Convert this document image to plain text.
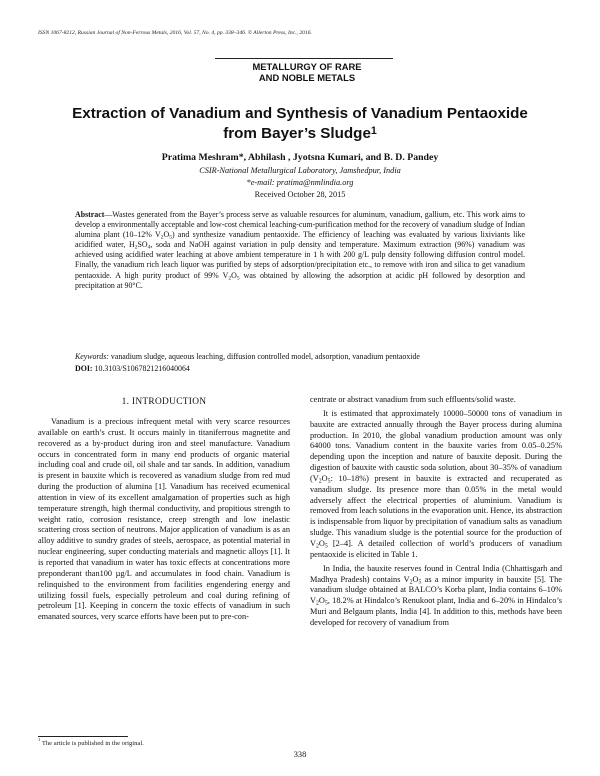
ISSN 1067-8212, Russian Journal of Non-Ferrous Metals, 2016, Vol. 57, No. 4, pp. 338–346. © Allerton Press, Inc., 2016.
METALLURGY OF RARE
AND NOBLE METALS
Extraction of Vanadium and Synthesis of Vanadium Pentaoxide
from Bayer’s Sludge$^1$
Pratima Meshram*, Abhilash , Jyotsna Kumari, and B. D. Pandey
CSIR-National Metallurgical Laboratory, Jamshedpur, India
*e-mail: pratima@nmlindia.org
Received October 28, 2015

Abstract—Wastes generated from the Bayer’s process serve as valuable resources for aluminum, vanadium, gallium, etc. This work aims to develop a environmentally acceptable and low-cost chemical leaching-cum-purification method for the recovery of vanadium sludge of Indian alumina plant (10–12% $V_2O_5$) and synthesize vanadium pentaoxide. The efficiency of leaching was evaluated by various lixiviants like acidified water, $H_2SO_4$, soda and NaOH against variation in pulp density and temperature. Maximum extraction (96%) vanadium was achieved using acidified water leaching at above ambient temperature in 1 h with 200 g/L pulp density following diffusion control model. Finally, the vanadium rich leach liquor was purified by steps of adsorption/precipitation etc., to remove with iron and silica to get vanadium pentaoxide. A high purity product of 99% $V_2O_5$ was obtained by allowing the adsorption at acidic pH followed by desorption and precipitation at 90°C.

Keywords: vanadium sludge, aqueous leaching, diffusion controlled model, adsorption, vanadium pentaoxide
DOI: 10.3103/S1067821216040064
1. INTRODUCTION

Vanadium is a precious infrequent metal with very scarce resources available on earth’s crust. It occurs mainly in titaniferrous magnetite and recovered as a by-product during iron and steel manufacture. Vanadium occurs in concentrated form in many end products of organic material including coal and crude oil, oil shale and tar sands. In addition, vanadium is present in bauxite which is recovered as vanadium sludge from red mud during the production of alumina [1]. Vanadium has received ecumenical attention in view of its excellent amalgamation of properties such as high temperature strength, high thermal conductivity, and propitious strength to weight ratio, corrosion resistance, creep strength and low inelastic scattering cross section of neutrons. Major application of vanadium is as an alloy additive to sundry grades of steels, aerospace, as potential material in nuclear engineering, super conducting materials and magnetic alloys [1]. It is reported that vanadium in water has toxic effects at concentrations more preponderant than100 µg/L and accumulates in food chain. Vanadium is relinquished to the environment from facilities engendering energy and utilizing fossil fuels, especially petroleum and coal during refining of petroleum [1]. Keeping in concern the toxic effects of vanadium in such emanated sources, very scarce efforts have been put to pre-con-

centrate or abstract vanadium from such effluents/solid waste.

It is estimated that approximately 10000–50000 tons of vanadium in bauxite are extracted annually through the Bayer process during alumina production. In 2010, the global vanadium production amount was only 64000 tons. Vanadium content in the bauxite varies from 0.05–0.25% depending upon the inception and nature of bauxite deposit. During the digestion of bauxite with caustic soda solution, about 30–35% of vanadium ($V_2O_5$: 10–18%) present in bauxite is extracted and recuperated as vanadium sludge. Its presence more than 0.05% in the metal would adversely affect the electrical properties of aluminium. Vanadium is removed from leach solutions in the evaporation unit. Hence, its abstraction is indispensable from liquor by precipitation of vanadium salts as vanadium sludge. This vanadium sludge is the potential source for the production of $V_2O_5$ [2–4]. A detailed collection of world’s producers of vanadium pentaoxide is elicited in Table 1.

In India, the bauxite reserves found in Central India (Chhattisgarh and Madhya Pradesh) contains $V_2O_5$ as a minor impurity in bauxite [5]. The vanadium sludge obtained at BALCO’s Korba plant, India contains 6–10% $V_2O_5$, 18.2% at Hindalco’s Renukoot plant, India and 6–20% in Hindalco’s Muri and Belgaum plants, India [4]. In addition to this, methods have been developed for recovery of vanadium from

$^1$ The article is published in the original.
338
